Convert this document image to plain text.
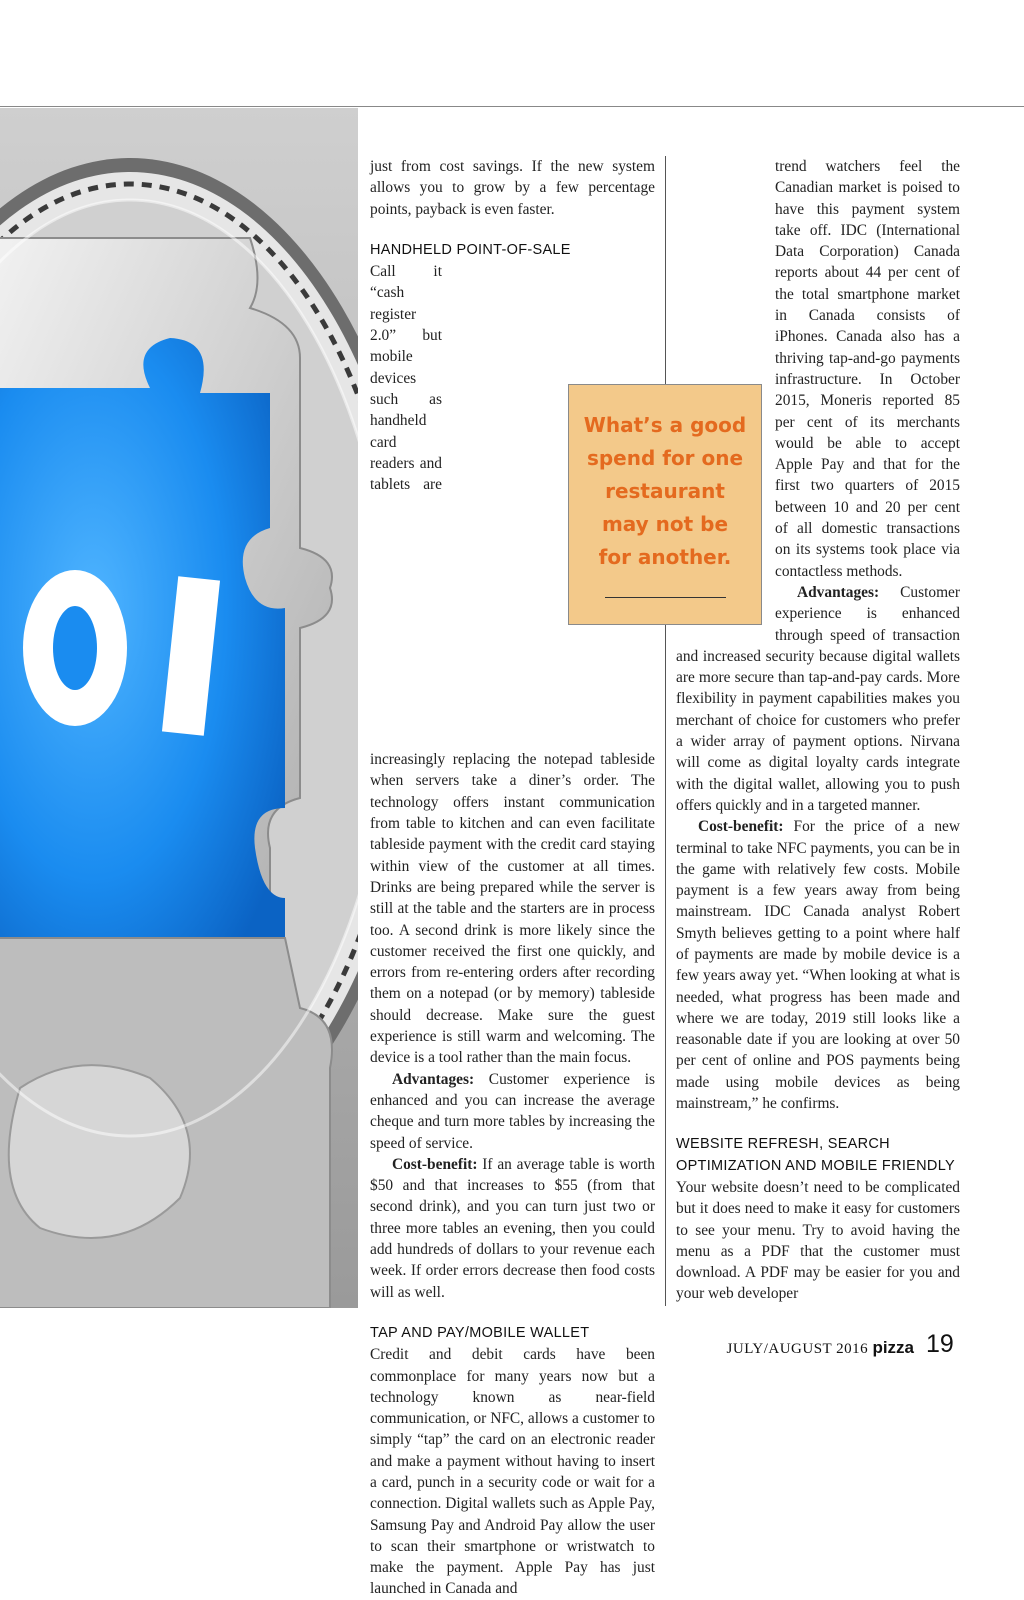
just from cost savings. If the new system allows you to grow by a few percentage points, payback is even faster.

HANDHELD POINT-OF-SALE

Call it “cash register 2.0” but mobile devices such as handheld card readers and tablets are increasingly replacing the notepad tableside when servers take a diner’s order. The technology offers instant communication from table to kitchen and can even facilitate tableside payment with the credit card staying within view of the customer at all times. Drinks are being prepared while the server is still at the table and the starters are in process too. A second drink is more likely since the customer received the first one quickly, and errors from re-entering orders after recording them on a notepad (or by memory) tableside should decrease. Make sure the guest experience is still warm and welcoming. The device is a tool rather than the main focus.

Advantages: Customer experience is enhanced and you can increase the average cheque and turn more tables by increasing the speed of service.

Cost-benefit: If an average table is worth $50 and that increases to $55 (from that second drink), and you can turn just two or three more tables an evening, then you could add hundreds of dollars to your revenue each week. If order errors decrease then food costs will as well.

TAP AND PAY/MOBILE WALLET

Credit and debit cards have been commonplace for many years now but a technology known as near-field communication, or NFC, allows a customer to simply “tap” the card on an electronic reader and make a payment without having to insert a card, punch in a security code or wait for a connection. Digital wallets such as Apple Pay, Samsung Pay and Android Pay allow the user to scan their smartphone or wristwatch to make the payment. Apple Pay has just launched in Canada and

trend watchers feel the Canadian market is poised to have this payment system take off. IDC (International Data Corporation) Canada reports about 44 per cent of the total smartphone market in Canada consists of iPhones. Canada also has a thriving tap-and-go payments infrastructure. In October 2015, Moneris reported 85 per cent of its merchants would be able to accept Apple Pay and that for the first two quarters of 2015 between 10 and 20 per cent of all domestic transactions on its systems took place via contactless methods.

Advantages: Customer experience is enhanced through speed of transaction and increased security because digital wallets are more secure than tap-and-pay cards. More flexibility in payment capabilities makes you merchant of choice for customers who prefer a wider array of payment options. Nirvana will come as digital loyalty cards integrate with the digital wallet, allowing you to push offers quickly and in a targeted manner.

Cost-benefit: For the price of a new terminal to take NFC payments, you can be in the game with relatively few costs. Mobile payment is a few years away from being mainstream. IDC Canada analyst Robert Smyth believes getting to a point where half of payments are made by mobile device is a few years away yet. “When looking at what is needed, what progress has been made and where we are today, 2019 still looks like a reasonable date if you are looking at over 50 per cent of online and POS payments being made using mobile devices as being mainstream,” he confirms.

WEBSITE REFRESH, SEARCH OPTIMIZATION AND MOBILE FRIENDLY

Your website doesn’t need to be complicated but it does need to make it easy for customers to see your menu. Try to avoid having the menu as a PDF that the customer must download. A PDF may be easier for you and your web developer

What’s a good spend for one restaurant may not be for another.
JULY/AUGUST 2016 pizza 19
